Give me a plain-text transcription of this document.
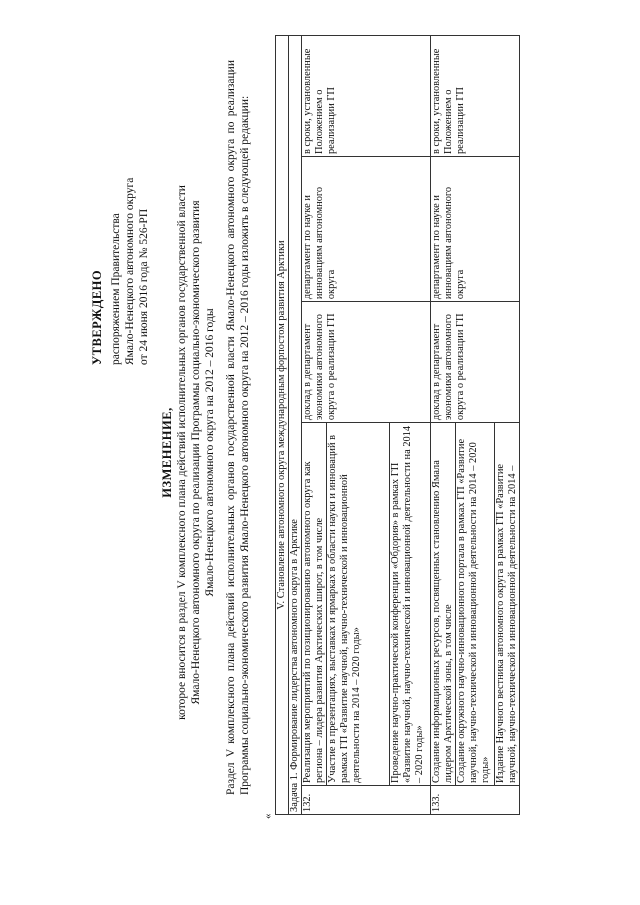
УТВЕРЖДЕНО распоряжением Правительства Ямало-Ненецкого автономного округа от 24 июня 2016 года № 526-РП
ИЗМЕНЕНИЕ, которое вносится в раздел V комплексного плана действий исполнительных органов государственной власти Ямало-Ненецкого автономного округа по реализации Программы социально-экономического развития Ямало-Ненецкого автономного округа на 2012 – 2016 годы Раздел V комплексного плана действий исполнительных органов государственной власти Ямало-Ненецкого автономного округа по реализации Программы социально-экономического развития Ямало-Ненецкого автономного округа на 2012 – 2016 годы изложить в следующей редакции:
«
V. Становление автономного округа международным форпостом развития Арктики				
Задача 1. Формирование лидерства автономного округа в Арктике				
132.	Реализация мероприятий по позиционированию автономного округа как региона – лидера развития Арктических широт, в том числе	доклад в департамент экономики автономного округа о реализации ГП	департамент по науке и инновациям автономного округа	в сроки, установленные Положением о реализации ГП
	Участие в презентациях, выставках и ярмарках в области науки и инноваций в рамках ГП «Развитие научной, научно-технической и инновационной деятельности на 2014 – 2020 годы»			
	Проведение научно-практической конференции «Обдория» в рамках ГП «Развитие научной, научно-технической и инновационной деятельности на 2014 – 2020 годы»			
133.	Создание информационных ресурсов, посвященных становлению Ямала лидером Арктической зоны, в том числе	доклад в департамент экономики автономного округа о реализации ГП	департамент по науке и инновациям автономного округа	в сроки, установленные Положением о реализации ГП
	Создание окружного научно-инновационного портала в рамках ГП «Развитие научной, научно-технической и инновационной деятельности на 2014 – 2020 годы»			
	Издание Научного вестника автономного округа в рамках ГП «Развитие научной, научно-технической и инновационной деятельности на 2014 –			
